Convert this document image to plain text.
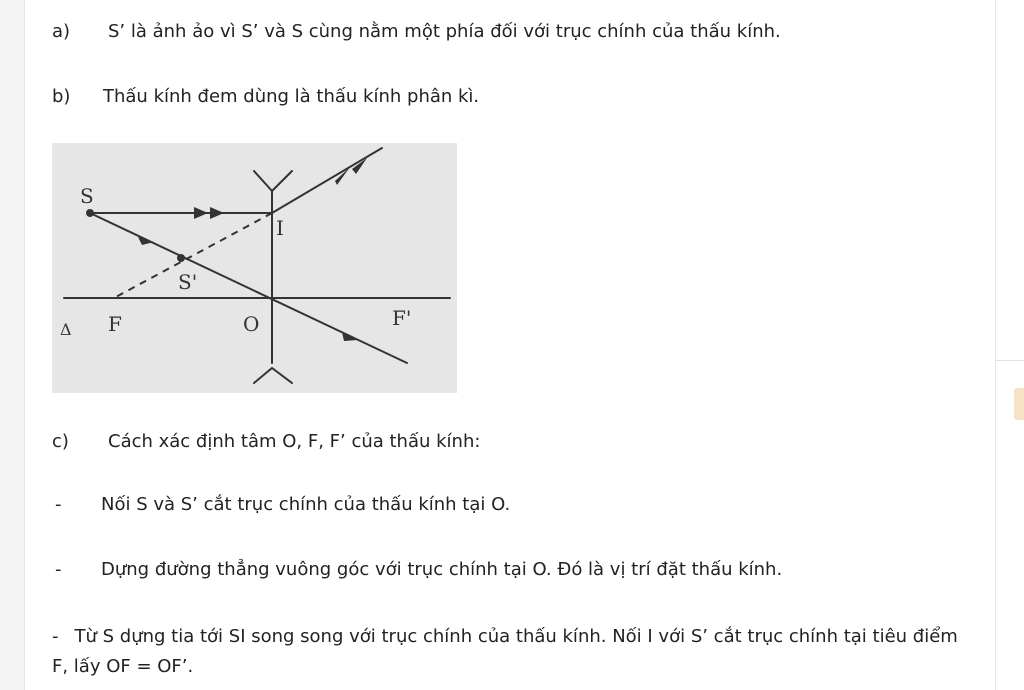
a) S’ là ảnh ảo vì S’ và S cùng nằm một phía đối với trục chính của thấu kính.
b) Thấu kính đem dùng là thấu kính phân kì.
S
I
S'
Δ F	O	F'
c) Cách xác định tâm O, F, F’ của thấu kính:
- Nối S và S’ cắt trục chính của thấu kính tại O.
- Dựng đường thẳng vuông góc với trục chính tại O. Đó là vị trí đặt thấu kính.
- Từ S dựng tia tới SI song song với trục chính của thấu kính. Nối I với S’ cắt trục chính tại tiêu điểm F, lấy OF = OF’.
